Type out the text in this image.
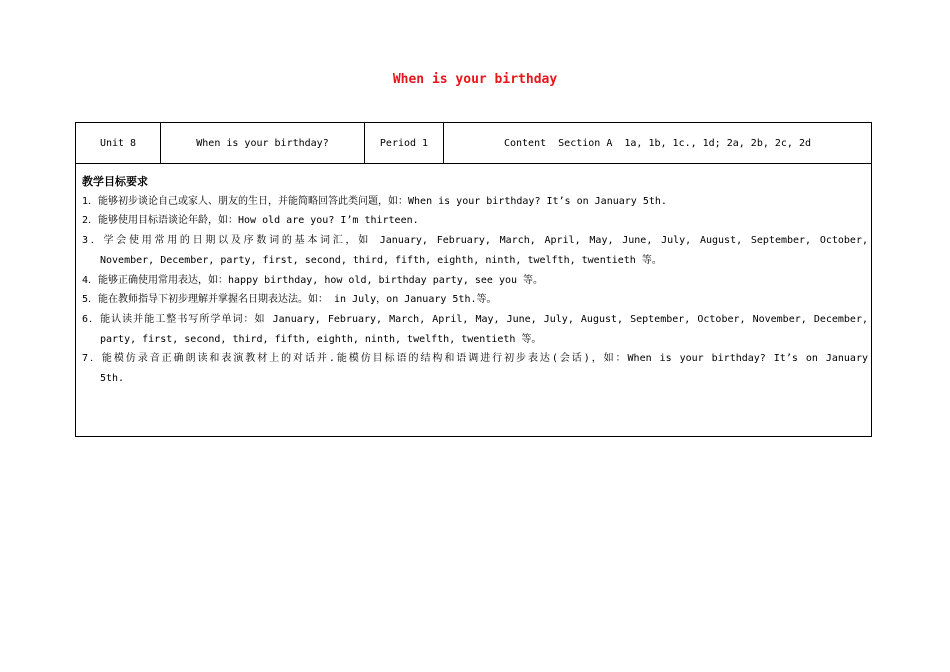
When is your birthday
Unit 8	When is your birthday?	Period 1	Content  Section A  1a, 1b, 1c., 1d; 2a, 2b, 2c, 2d
教学目标要求
1．能够初步谈论自己或家人、朋友的生日，并能简略回答此类问题，如：When is your birthday? It’s on January 5th.
2．能够使用目标语谈论年龄，如：How old are you? I’m thirteen.
3．学会使用常用的日期以及序数词的基本词汇，如 January, February, March, April, May, June, July, August, September, October,
November, December, party, first, second, third, fifth, eighth, ninth, twelfth, twentieth 等。
4．能够正确使用常用表达，如：happy birthday, how old, birthday party, see you 等。
5．能在教师指导下初步理解并掌握名日期表达法。如： in July，on January 5th.等。
6．能认读并能工整书写所学单词：如 January, February, March, April, May, June, July, August, September, October, November, December,
party, first, second, third, fifth, eighth, ninth, twelfth, twentieth 等。
7．能模仿录音正确朗读和表演教材上的对话并.能模仿目标语的结构和语调进行初步表达(会话)，如：When is your birthday? It’s on January
5th.
